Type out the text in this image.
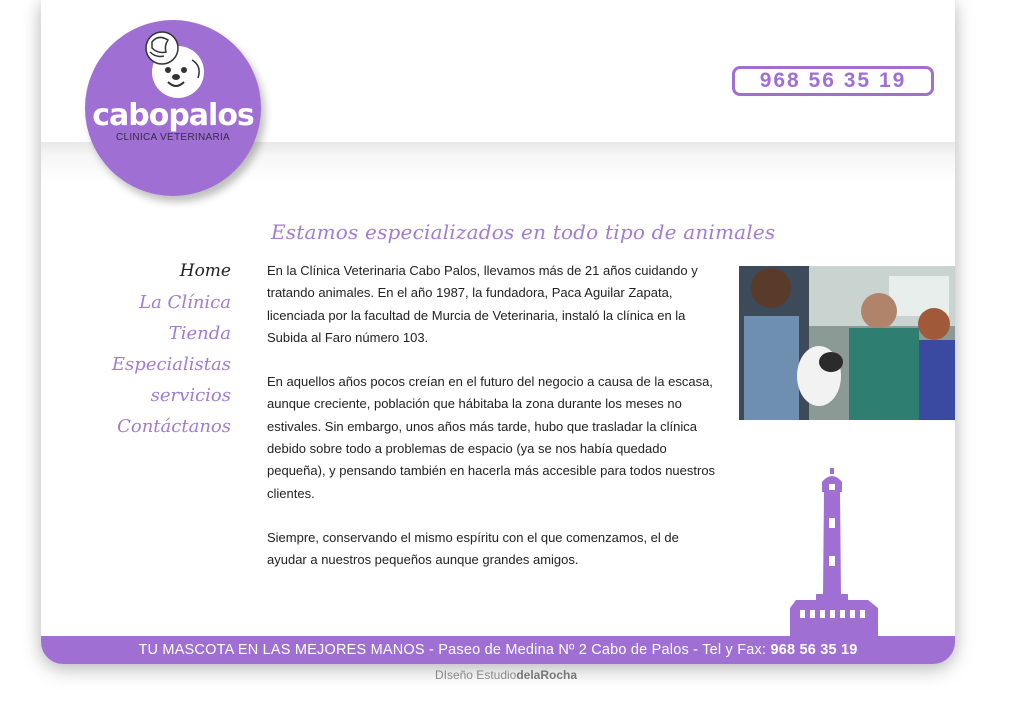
cabopalos
CLINICA VETERINARIA
968 56 35 19
Estamos especializados en todo tipo de animales
Home
La Clínica
Tienda
Especialistas
servicios
Contáctanos

En la Clínica Veterinaria Cabo Palos, llevamos más de 21 años cuidando y tratando animales. En el año 1987, la fundadora, Paca Aguilar Zapata, licenciada por la facultad de Murcia de Veterinaria, instaló la clínica en la Subida al Faro número 103.

En aquellos años pocos creían en el futuro del negocio a causa de la escasa, aunque creciente, población que hábitaba la zona durante los meses no estivales. Sin embargo, unos años más tarde, hubo que trasladar la clínica debido sobre todo a problemas de espacio (ya se nos había quedado pequeña), y pensando también en hacerla más accesible para todos nuestros clientes.

Siempre, conservando el mismo espíritu con el que comenzamos, el de ayudar a nuestros pequeños aunque grandes amigos.

TU MASCOTA EN LAS MEJORES MANOS - Paseo de Medina Nº 2 Cabo de Palos - Tel y Fax: 968 56 35 19
DIseño EstudiodelaRocha
